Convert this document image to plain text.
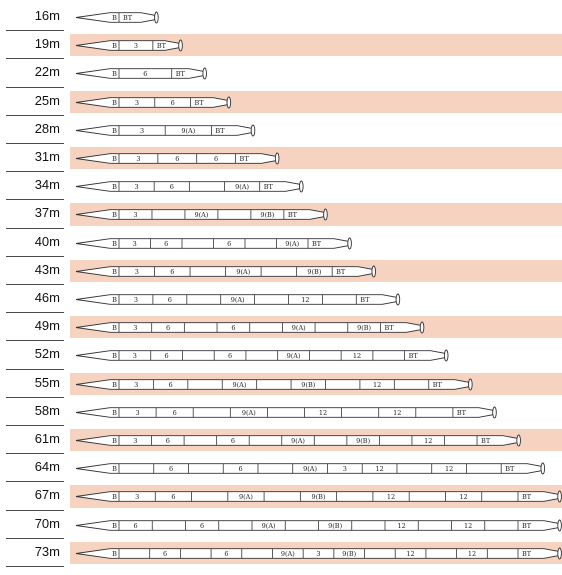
16m	B BT
19m	B	3	BT
22m	B	6	BT
25m	B	3	6	BT
28m	B	3	9(A)	BT
31m	B	3	6	6	BT
34m	B	3	6	9(A) BT
37m	B	3	9(A)	9(B) BT
40m	B 3	6	6	9(A) BT
43m	B	3	6	9(A)	9(B) BT
46m	B	3	6	9(A)	12	BT
49m	B	3	6	6	9(A)	9(B) BT
52m	B 3	6	6	9(A)	12	BT
55m	B	3	6	9(A)	9(B)	12	BT
58m	B	3	6	9(A)	12	12	BT
61m	B	3	6	6	9(A)	9(B)	12	BT
64m	B	6	6	9(A)	3	12	12	BT
67m	B	3	6	9(A)	9(B)	12	12	BT
70m	B	6	6	9(A)	9(B)	12	12	BT
73m	B	6	6	9(A)	3	9(B)	12	12	BT
